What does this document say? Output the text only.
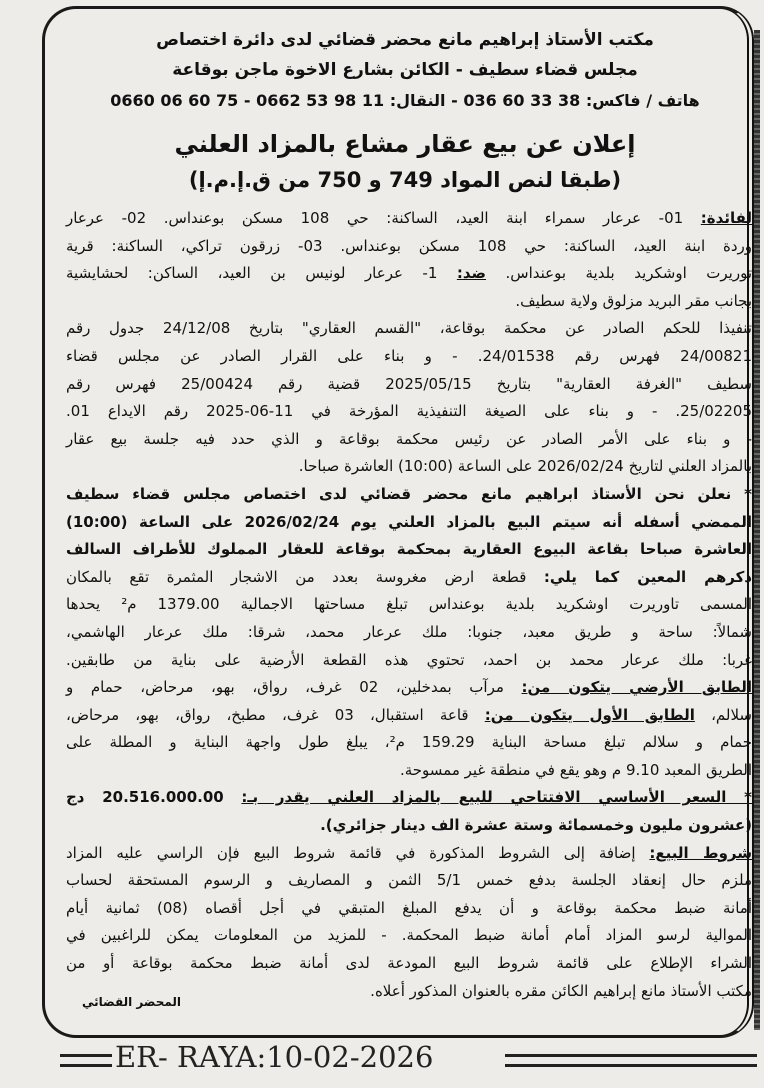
مكتب الأستاذ إبراهيم مانع محضر قضائي لدى دائرة اختصاص
مجلس قضاء سطيف - الكائن بشارع الاخوة ماجن بوقاعة
هاتف / فاكس: 38 33 60 036 - النقال: 11 98 53 0662 - 75 60 06 0660
إعلان عن بيع عقار مشاع بالمزاد العلني
(طبقا لنص المواد 749 و 750 من ق.إ.م.إ)
لفائدة: 01- عرعار سمراء ابنة العيد، الساكنة: حي 108 مسكن بوعنداس. 02- عرعار
وردة ابنة العيد، الساكنة: حي 108 مسكن بوعنداس. 03- زرقون تراكي، الساكنة: قرية
توريرت اوشكريد بلدية بوعنداس. ضد: 1- عرعار لونيس بن العيد، الساكن: لحشايشية
بجانب مقر البريد مزلوق ولاية سطيف.
تنفيذا للحكم الصادر عن محكمة بوقاعة، "القسم العقاري" بتاريخ 24/12/08 جدول رقم
24/00821 فهرس رقم 24/01538. - و بناء على القرار الصادر عن مجلس قضاء
سطيف "الغرفة العقارية" بتاريخ 2025/05/15 قضية رقم 25/00424 فهرس رقم
25/02205. - و بناء على الصيغة التنفيذية المؤرخة في 11-06-2025 رقم الايداع 01.
- و بناء على الأمر الصادر عن رئيس محكمة بوقاعة و الذي حدد فيه جلسة بيع عقار
بالمزاد العلني لتاريخ 2026/02/24 على الساعة (10:00) العاشرة صباحا.
* نعلن نحن الأستاذ ابراهيم مانع محضر قضائي لدى اختصاص مجلس قضاء سطيف
الممضي أسفله أنه سيتم البيع بالمزاد العلني يوم 2026/02/24 على الساعة (10:00)
العاشرة صباحا بقاعة البيوع العقارية بمحكمة بوقاعة للعقار المملوك للأطراف السالف
ذكرهم المعين كما يلي: قطعة ارض مغروسة بعدد من الاشجار المثمرة تقع بالمكان
المسمى تاوريرت اوشكريد بلدية بوعنداس تبلغ مساحتها الاجمالية 1379.00 م² يحدها
شمالاً: ساحة و طريق معبد، جنوبا: ملك عرعار محمد، شرقا: ملك عرعار الهاشمي،
غربا: ملك عرعار محمد بن احمد، تحتوي هذه القطعة الأرضية على بناية من طابقين.
الطابق الأرضي يتكون من: مرآب بمدخلين، 02 غرف، رواق، بهو، مرحاض، حمام و
سلالم، الطابق الأول يتكون من: قاعة استقبال، 03 غرف، مطبخ، رواق، بهو، مرحاض،
حمام و سلالم تبلغ مساحة البناية 159.29 م²، يبلغ طول واجهة البناية و المطلة على
الطريق المعبد 9.10 م وهو يقع في منطقة غير ممسوحة.
* السعر الأساسي الافتتاحي للبيع بالمزاد العلني يقدر بـ: 20.516.000.00 دج
(عشرون مليون وخمسمائة وستة عشرة الف دينار جزائري).
شروط البيع: إضافة إلى الشروط المذكورة في قائمة شروط البيع فإن الراسي عليه المزاد
ملزم حال إنعقاد الجلسة بدفع خمس 5/1 الثمن و المصاريف و الرسوم المستحقة لحساب
أمانة ضبط محكمة بوقاعة و أن يدفع المبلغ المتبقي في أجل أقصاه (08) ثمانية أيام
الموالية لرسو المزاد أمام أمانة ضبط المحكمة. - للمزيد من المعلومات يمكن للراغبين في
الشراء الإطلاع على قائمة شروط البيع المودعة لدى أمانة ضبط محكمة بوقاعة أو من
مكتب الأستاذ مانع إبراهيم الكائن مقره بالعنوان المذكور أعلاه.
المحضر القضائي
ER- RAYA:10-02-2026
